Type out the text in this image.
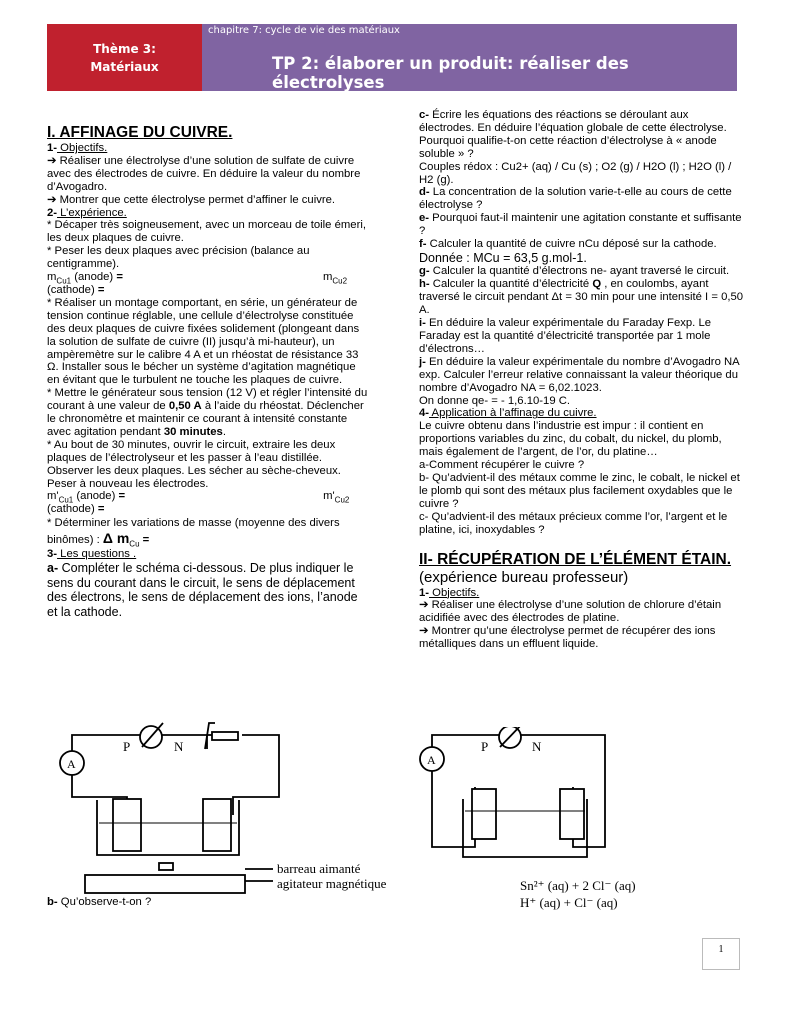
Thème 3:
Matériaux
chapitre 7: cycle de vie des matériaux
TP 2: élaborer un produit: réaliser des électrolyses

I. AFFINAGE DU CUIVRE.

1- Objectifs.

➔ Réaliser une électrolyse d’une solution de sulfate de cuivre avec des électrodes de cuivre. En déduire la valeur du nombre d’Avogadro.

➔ Montrer que cette électrolyse permet d’affiner le cuivre.

2- L’expérience.

* Décaper très soigneusement, avec un morceau de toile émeri, les deux plaques de cuivre.

* Peser les deux plaques avec précision (balance au centigramme).

$m_{Cu1}$ (anode) =	$m_{Cu2}$

(cathode) =

* Réaliser un montage comportant, en série, un générateur de tension continue réglable, une cellule d’électrolyse constituée des deux plaques de cuivre fixées solidement (plongeant dans la solution de sulfate de cuivre (II) jusqu’à mi-hauteur), un ampèremètre sur le calibre 4 A et un rhéostat de résistance 33 Ω. Installer sous le bécher un système d’agitation magnétique en évitant que le turbulent ne touche les plaques de cuivre.

* Mettre le générateur sous tension (12 V) et régler l’intensité du courant à une valeur de 0,50 A à l’aide du rhéostat. Déclencher le chronomètre et maintenir ce courant à intensité constante avec agitation pendant 30 minutes.

* Au bout de 30 minutes, ouvrir le circuit, extraire les deux plaques de l’électrolyseur et les passer à l’eau distillée. Observer les deux plaques. Les sécher au sèche-cheveux. Peser à nouveau les électrodes.

$m'_{Cu1}$ (anode) =	$m'_{Cu2}$

(cathode) =

* Déterminer les variations de masse (moyenne des divers binômes) : Δ $m_{Cu}$ =

3- Les questions .

a- Compléter le schéma ci-dessous. De plus indiquer le sens du courant dans le circuit, le sens de déplacement des électrons, le sens de déplacement des ions, l’anode et la cathode.

A
P	N
barreau aimanté
agitateur magnétique
b- Qu’observe-t-on ?

c- Écrire les équations des réactions se déroulant aux électrodes. En déduire l’équation globale de cette électrolyse. Pourquoi qualifie-t-on cette réaction d’électrolyse à « anode soluble » ?

Couples rédox : Cu2+ (aq) / Cu (s) ; O2 (g) / H2O (l) ; H2O (l) / H2 (g).

d- La concentration de la solution varie-t-elle au cours de cette électrolyse ?

e- Pourquoi faut-il maintenir une agitation constante et suffisante ?

f- Calculer la quantité de cuivre nCu déposé sur la cathode.

Donnée : MCu = 63,5 g.mol-1.

g- Calculer la quantité d’électrons ne- ayant traversé le circuit.

h- Calculer la quantité d’électricité Q , en coulombs, ayant traversé le circuit pendant Δt = 30 min pour une intensité I = 0,50 A.

i- En déduire la valeur expérimentale du Faraday Fexp. Le Faraday est la quantité d’électricité transportée par 1 mole d’électrons…

j- En déduire la valeur expérimentale du nombre d’Avogadro NA exp. Calculer l’erreur relative connaissant la valeur théorique du nombre d’Avogadro NA = 6,02.1023.

On donne qe- = - 1,6.10-19 C.

4- Application à l’affinage du cuivre.

Le cuivre obtenu dans l’industrie est impur : il contient en proportions variables du zinc, du cobalt, du nickel, du plomb, mais également de l’argent, de l’or, du platine…

a-Comment récupérer le cuivre ?

b- Qu’advient-il des métaux comme le zinc, le cobalt, le nickel et le plomb qui sont des métaux plus facilement oxydables que le cuivre ?

c- Qu’advient-il des métaux précieux comme l’or, l’argent et le platine, ici, inoxydables ?

II- RÉCUPÉRATION DE L’ÉLÉMENT ÉTAIN.

(expérience bureau professeur)

1- Objectifs.

➔ Réaliser une électrolyse d’une solution de chlorure d’étain acidifiée avec des électrodes de platine.

➔ Montrer qu’une électrolyse permet de récupérer des ions métalliques dans un effluent liquide.

A
P	N
Sn²⁺ (aq) + 2 Cl⁻ (aq)
H⁺ (aq) + Cl⁻ (aq)
1
